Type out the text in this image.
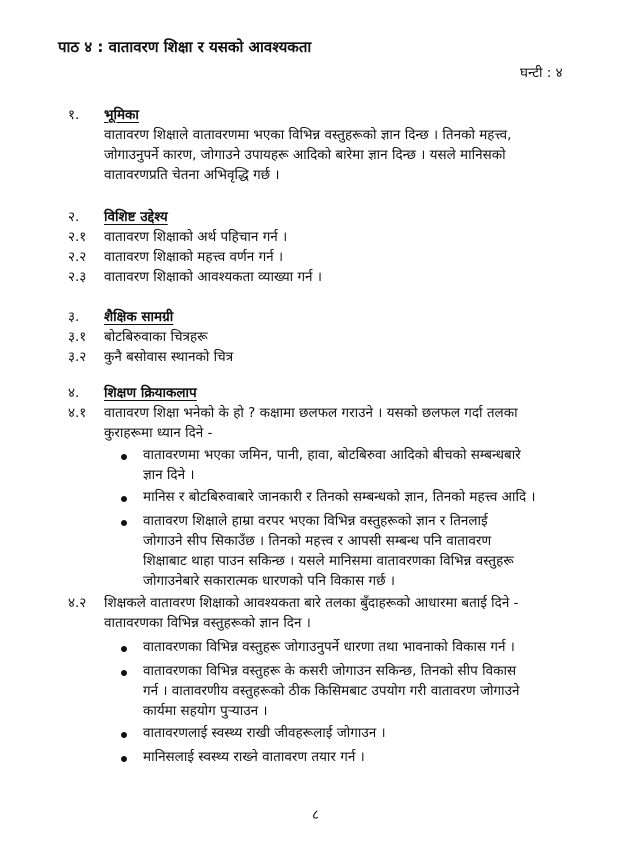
पाठ ४ : वातावरण शिक्षा र यसको आवश्यकता
घन्टी : ४
१. भूमिका
वातावरण शिक्षाले वातावरणमा भएका विभिन्न वस्तुहरूको ज्ञान दिन्छ । तिनको महत्त्व,
जोगाउनुपर्ने कारण, जोगाउने उपायहरू आदिको बारेमा ज्ञान दिन्छ । यसले मानिसको
वातावरणप्रति चेतना अभिवृद्धि गर्छ ।
२. विशिष्ट उद्देश्य
२.१ वातावरण शिक्षाको अर्थ पहिचान गर्न ।
२.२ वातावरण शिक्षाको महत्त्व वर्णन गर्न ।
२.३ वातावरण शिक्षाको आवश्यकता व्याख्या गर्न ।
३. शैक्षिक सामग्री
३.१ बोटबिरुवाका चित्रहरू
३.२ कुनै बसोवास स्थानको चित्र
४. शिक्षण क्रियाकलाप
४.१ वातावरण शिक्षा भनेको के हो ? कक्षामा छलफल गराउने । यसको छलफल गर्दा तलका
कुराहरूमा ध्यान दिने -
वातावरणमा भएका जमिन, पानी, हावा, बोटबिरुवा आदिको बीचको सम्बन्धबारे
ज्ञान दिने ।
मानिस र बोटबिरुवाबारे जानकारी र तिनको सम्बन्धको ज्ञान, तिनको महत्त्व आदि ।
वातावरण शिक्षाले हाम्रा वरपर भएका विभिन्न वस्तुहरूको ज्ञान र तिनलाई
जोगाउने सीप सिकाउँछ । तिनको महत्त्व र आपसी सम्बन्ध पनि वातावरण
शिक्षाबाट थाहा पाउन सकिन्छ । यसले मानिसमा वातावरणका विभिन्न वस्तुहरू
जोगाउनेबारे सकारात्मक धारणको पनि विकास गर्छ ।
४.२ शिक्षकले वातावरण शिक्षाको आवश्यकता बारे तलका बुँदाहरूको आधारमा बताई दिने -
वातावरणका विभिन्न वस्तुहरूको ज्ञान दिन ।
वातावरणका विभिन्न वस्तुहरू जोगाउनुपर्ने धारणा तथा भावनाको विकास गर्न ।
वातावरणका विभिन्न वस्तुहरू के कसरी जोगाउन सकिन्छ, तिनको सीप विकास
गर्न । वातावरणीय वस्तुहरूको ठीक किसिमबाट उपयोग गरी वातावरण जोगाउने
कार्यमा सहयोग पुऱ्याउन ।
वातावरणलाई स्वस्थ्य राखी जीवहरूलाई जोगाउन ।
मानिसलाई स्वस्थ्य राख्ने वातावरण तयार गर्न ।
८
